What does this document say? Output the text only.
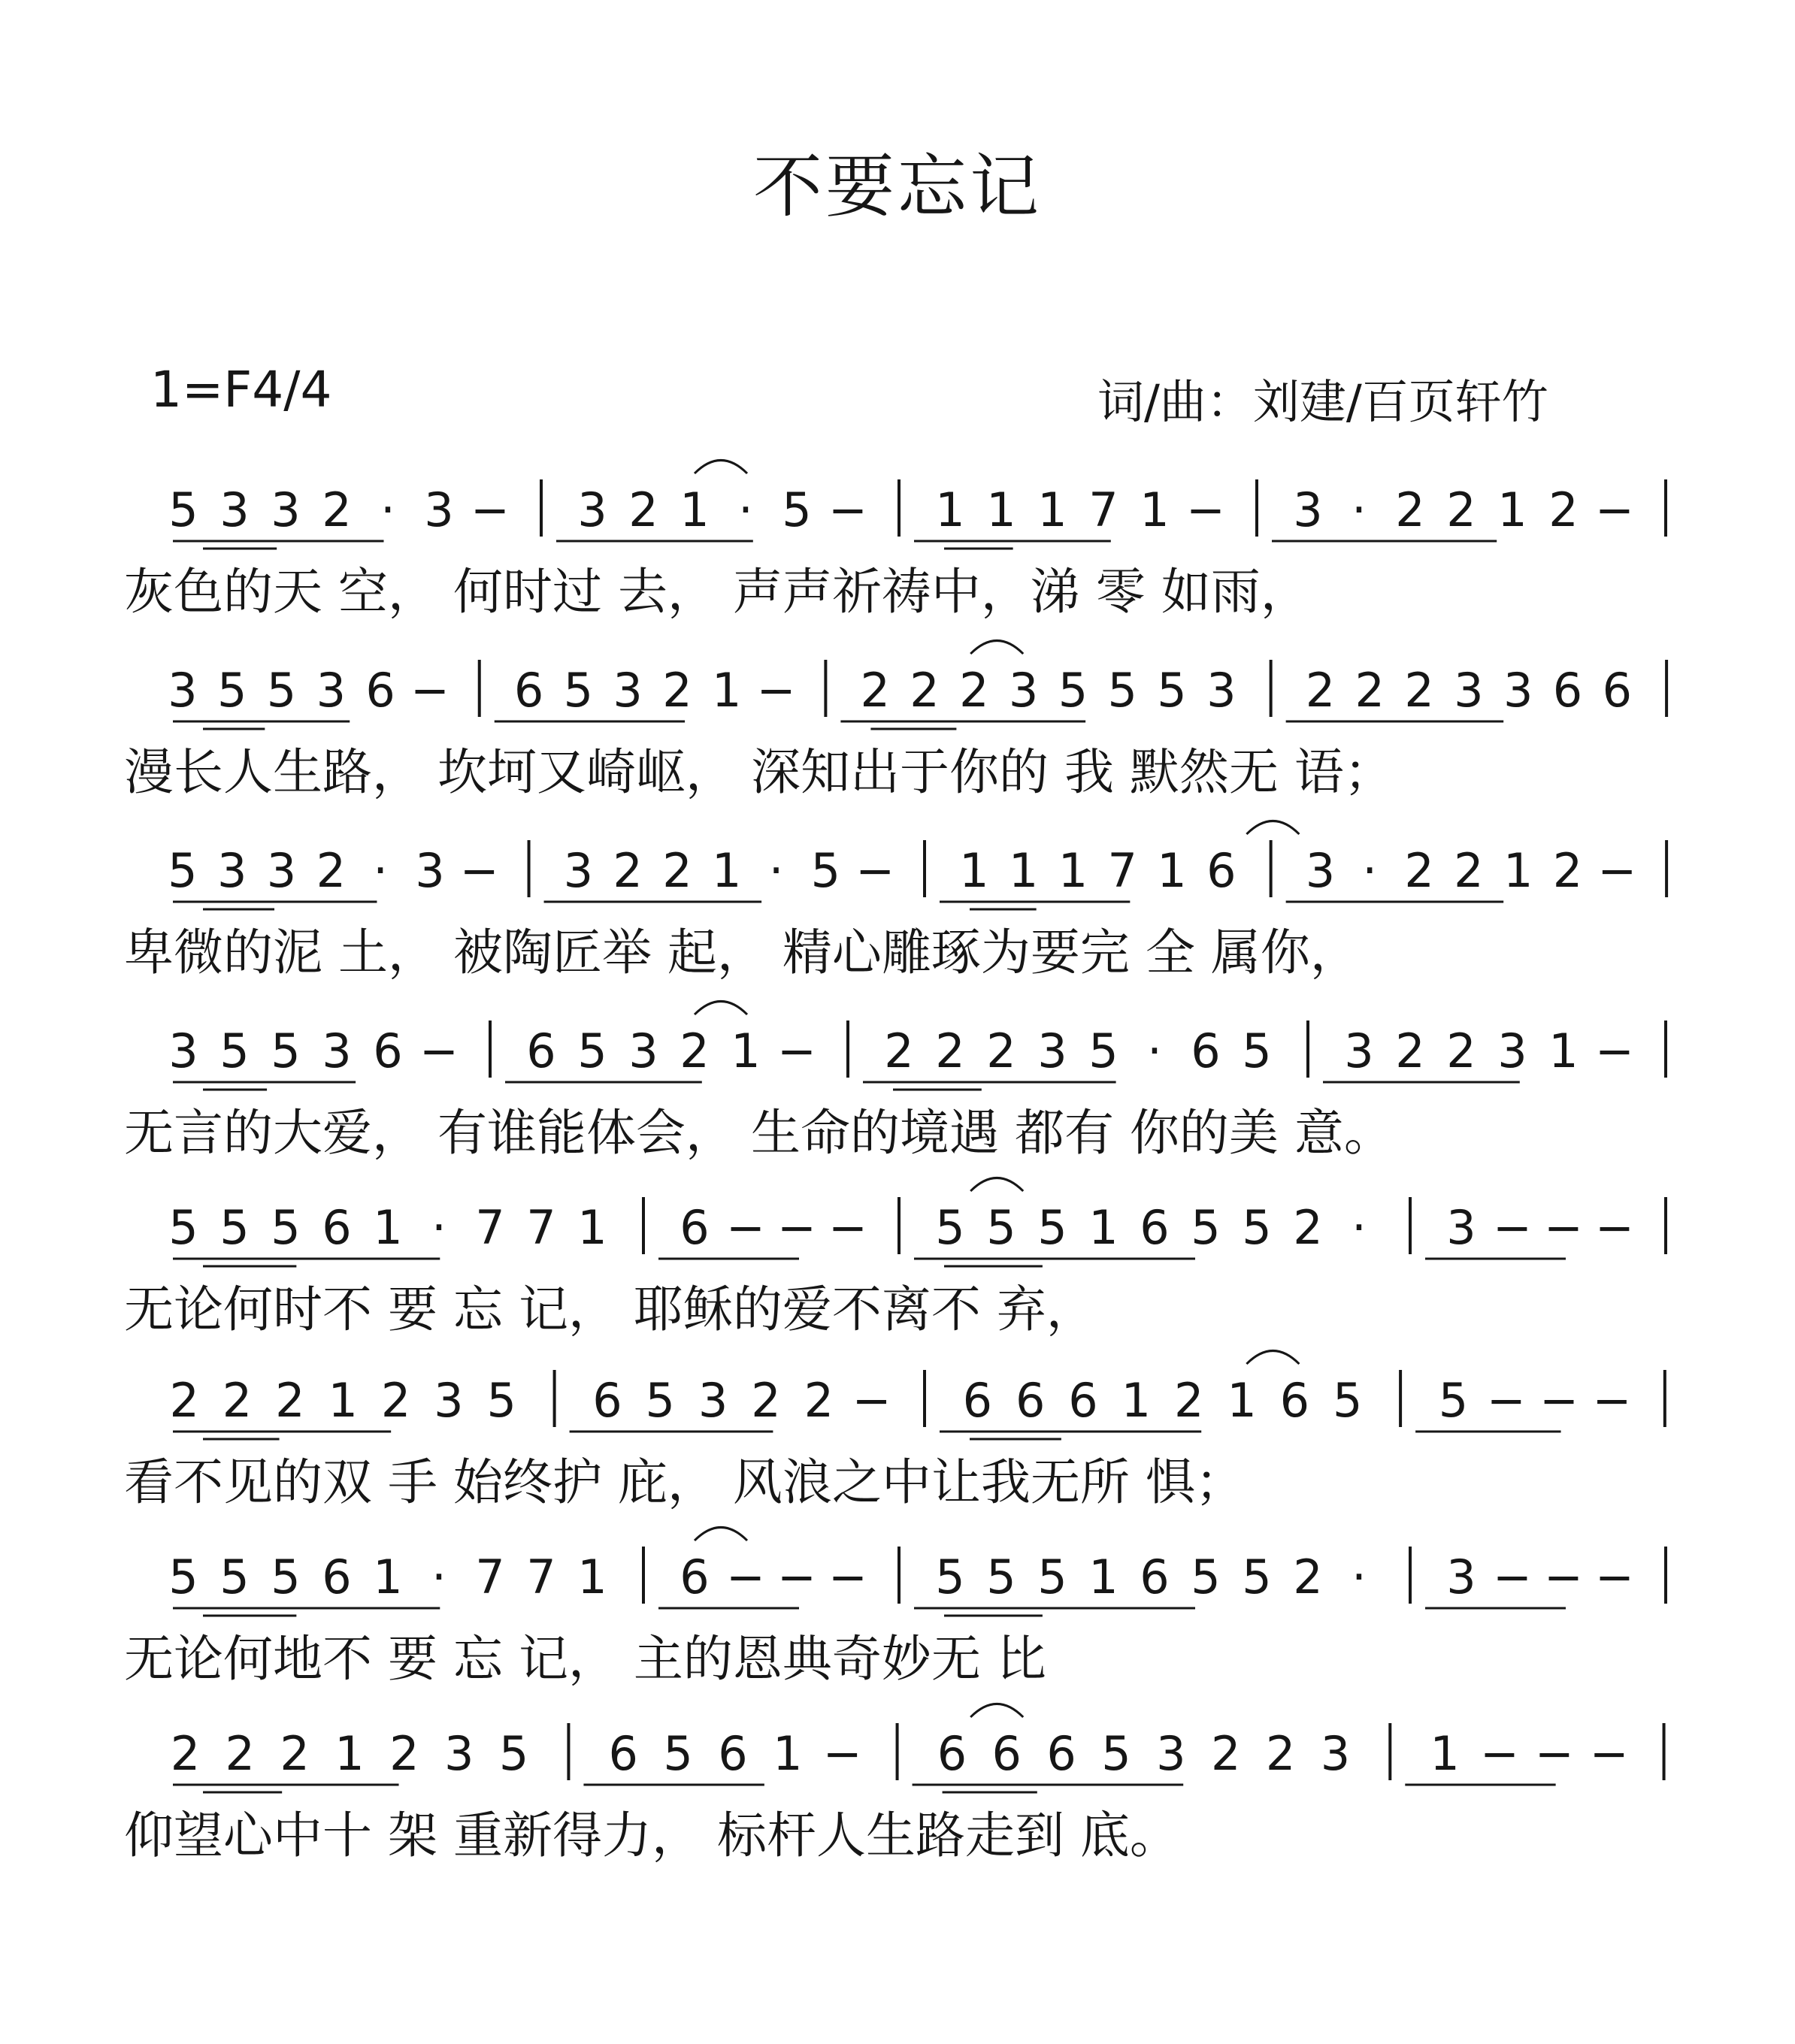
不要忘记
1=F4/4	词/曲：刘建/百页轩竹
5 3 3 2 · 3 − 3 2 1 · 5 − 1 1 1 7 1 − 3 · 2 2 1 2 −
灰色的天 空， 何时过 去， 声声祈祷中，涕 零 如雨，
3 5 5 3 6 − 6 5 3 2 1 − 2 2 2 3 5 5 5 3 2 2 2 3 3 6 6
漫长人生路， 坎坷又崎岖， 深知出于你的 我 默然无 语；
5 3 3 2 · 3 − 3 2 2 1 · 5 − 1 1 1 7 1 6 3 · 2 2 1 2 −
卑微的泥 土， 被陶匠举 起， 精心雕琢为要完 全 属你，
3 5 5 3 6 − 6 5 3 2 1 − 2 2 2 3 5 · 6 5 3 2 2 3 1 −
无言的大爱， 有谁能体会， 生命的境遇 都有 你的美 意。
5 5 5 6 1 · 7 7 1 6 − − − 5 5 5 1 6 5 5 2 · 3 − − −
无论何时不 要 忘 记， 耶稣的爱不离不 弃，
2 2 2 1 2 3 5 6 5 3 2 2 − 6 6 6 1 2 1 6 5 5 − − −
看不见的双 手 始终护 庇， 风浪之中让我无所 惧；
5 5 5 6 1 · 7 7 1 6 − − − 5 5 5 1 6 5 5 2 · 3 − − −
无论何地不 要 忘 记， 主的恩典奇妙无 比
2 2 2 1 2 3 5 6 5 6 1 − 6 6 6 5 3 2 2 3 1 − − −
仰望心中十 架 重新得力， 标杆人生路走到 底。
